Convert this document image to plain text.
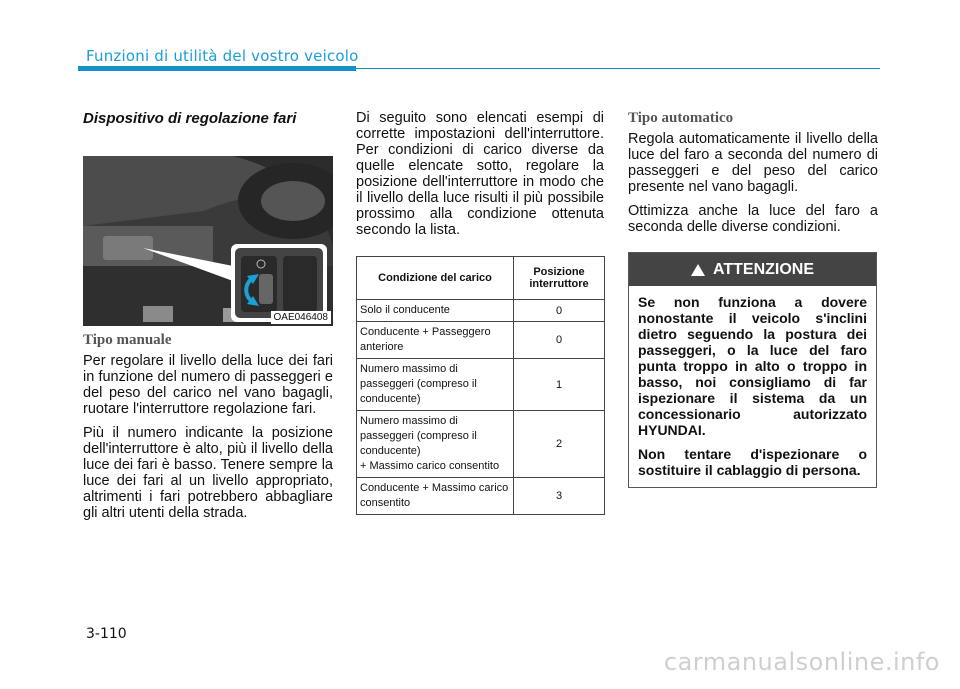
Funzioni di utilità del vostro veicolo
Dispositivo di regolazione fari
OAE046408
Tipo manuale

Per regolare il livello della luce dei fari in funzione del numero di passeggeri e del peso del carico nel vano bagagli, ruotare l'interruttore regolazione fari.

Più il numero indicante la posizione dell'interruttore è alto, più il livello della luce dei fari è basso. Tenere sempre la luce dei fari al un livello appropriato, altrimenti i fari potrebbero abbagliare gli altri utenti della strada.

Di seguito sono elencati esempi di corrette impostazioni dell'interruttore. Per condizioni di carico diverse da quelle elencate sotto, regolare la posizione dell'interruttore in modo che il livello della luce risulti il più possibile prossimo alla condizione ottenuta secondo la lista.

Condizione del carico	Posizione interruttore
Solo il conducente	0
Conducente + Passeggero anteriore	0
Numero massimo di passeggeri (compreso il conducente)	1
Numero massimo di passeggeri (compreso il conducente)
+ Massimo carico consentito	2
Conducente + Massimo carico consentito	3
Tipo automatico

Regola automaticamente il livello della luce del faro a seconda del numero di passeggeri e del peso del carico presente nel vano bagagli.

Ottimizza anche la luce del faro a seconda delle diverse condizioni.

ATTENZIONE

Se non funziona a dovere nonostante il veicolo s'inclini dietro seguendo la postura dei passeggeri, o la luce del faro punta troppo in alto o troppo in basso, noi consigliamo di far ispezionare il sistema da un concessionario autorizzato HYUNDAI.

Non tentare d'ispezionare o sostituire il cablaggio di persona.

3-110
carmanualsonline.info
